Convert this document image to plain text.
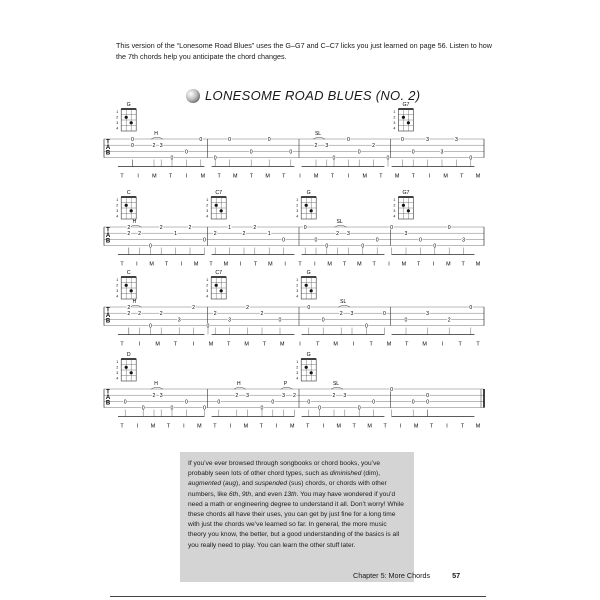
This version of the “Lonesome Road Blues” uses the G–G7 and C–C7 licks you just learned on page 56. Listen to how the 7th chords help you anticipate the chord changes.
LONESOME ROAD BLUES (NO. 2)
T
A
B
G
1
2
3
4
G7
1
2
3
4
H	SL
0
0	2 3
0
0
0
0
0
0
0
0
2 3
0
0
0
2
0
0
0
3
3
3
0
T	I M T	I M T M T M T	I M T	I M T M T	I M T M
T
A
B
C
1
2
3
4
C7
1
2
3
4
G
1
2
3
4
G7
1
2
3
4
H	SL
2
2 2
0
2
1
2
0
2
1
2
2
1
0
0
0
0
2 3
0
0
0
3
0
0
0
3
T I M T I M T M I T M I T I M T M T I M T I M T M
T
A
B
C
1
2
3
4
C7
1
2
3
4
G
1
2
3
4
H	SL
2
2 2
0
2
3
2
0
2
3
2
2
0
0
0
2 3
0
0
0
3
2
0
T	I	M	T	I	M	T	M	T	M	I	T	M	I	T	M	T	M	I	T	T
T
A
B
D
1
2
3
4
G
1
2
3
4
H	H	P	SL
0
0
2 3
0
0
0
0
2 3
0
0
3 2
0
0
2 3
0
0
0
0
0
0
T I M T I M T I M T I M T I M T M T I M T I T M
If you’ve ever browsed through songbooks or chord books, you’ve probably seen lots of other chord types, such as diminished (dim), augmented (aug), and suspended (sus) chords, or chords with other numbers, like 6th, 9th, and even 13th. You may have wondered if you’d need a math or engineering degree to understand it all. Don’t worry! While these chords all have their uses, you can get by just fine for a long time with just the chords we’ve learned so far. In general, the more music theory you know, the better, but a good understanding of the basics is all you really need to play. You can learn the other stuff later.
Chapter 5: More Chords	57
